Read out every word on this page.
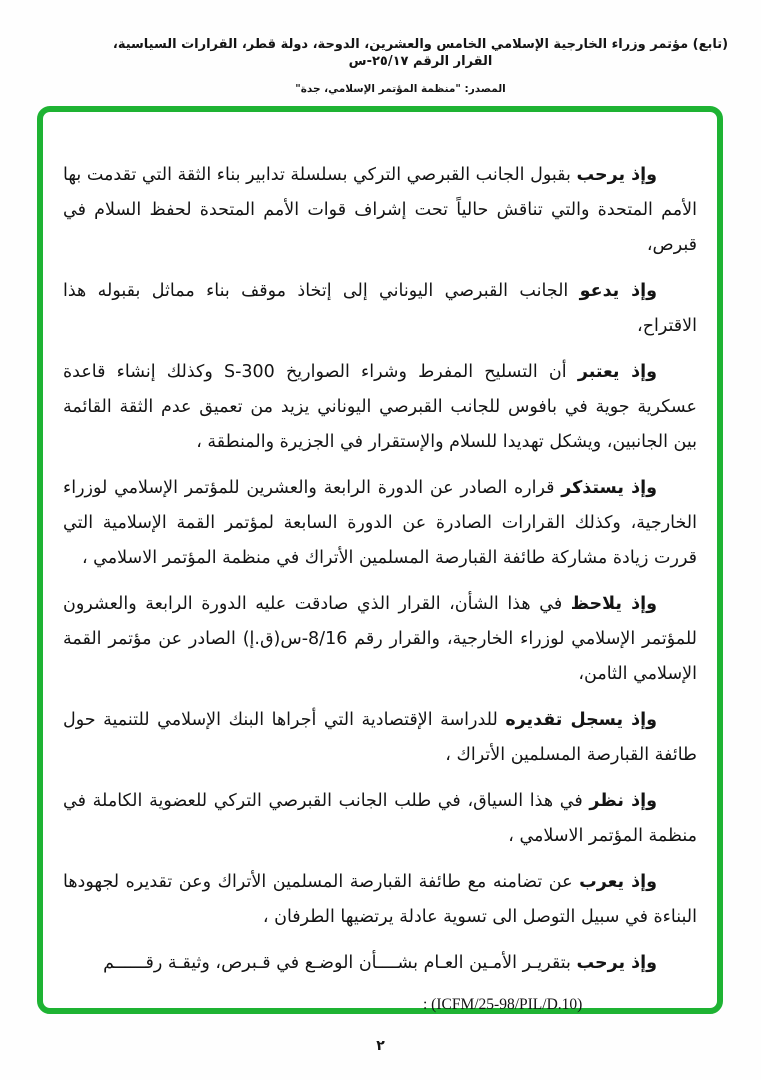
(تابع) مؤتمر وزراء الخارجية الإسلامي الخامس والعشرين، الدوحة، دولة قطر، القرارات السياسية، القرار الرقم ٢٥/١٧-س
المصدر: "منظمة المؤتمر الإسلامي، جدة"

وإذ يرحب بقبول الجانب القبرصي التركي بسلسلة تدابير بناء الثقة التي تقدمت بها الأمم المتحدة والتي تناقش حالياً تحت إشراف قوات الأمم المتحدة لحفظ السلام في قبرص،

وإذ يدعو الجانب القبرصي اليوناني إلى إتخاذ موقف بناء مماثل بقبوله هذا الاقتراح،

وإذ يعتبر أن التسليح المفرط وشراء الصواريخ S-300 وكذلك إنشاء قاعدة عسكرية جوية في بافوس للجانب القبرصي اليوناني يزيد من تعميق عدم الثقة القائمة بين الجانبين، ويشكل تهديدا للسلام والإستقرار في الجزيرة والمنطقة ،

وإذ يستذكر قراره الصادر عن الدورة الرابعة والعشرين للمؤتمر الإسلامي لوزراء الخارجية، وكذلك القرارات الصادرة عن الدورة السابعة لمؤتمر القمة الإسلامية التي قررت زيادة مشاركة طائفة القبارصة المسلمين الأتراك في منظمة المؤتمر الاسلامي ،

وإذ يلاحظ في هذا الشأن، القرار الذي صادقت عليه الدورة الرابعة والعشرون للمؤتمر الإسلامي لوزراء الخارجية، والقرار رقم 8/16-س(ق.إ) الصادر عن مؤتمر القمة الإسلامي الثامن،

وإذ يسجل تقديره للدراسة الإقتصادية التي أجراها البنك الإسلامي للتنمية حول طائفة القبارصة المسلمين الأتراك ،

وإذ نظر في هذا السياق، في طلب الجانب القبرصي التركي للعضوية الكاملة في منظمة المؤتمر الاسلامي ،

وإذ يعرب عن تضامنه مع طائفة القبارصة المسلمين الأتراك وعن تقديره لجهودها البناءة في سبيل التوصل الى تسوية عادلة يرتضيها الطرفان ،

وإذ يرحب بتقريـر الأمـين العـام بشــــأن الوضـع في قـبرص، وثيقـة رقــــــم

: (ICFM/25-98/PIL/D.10)
٢
